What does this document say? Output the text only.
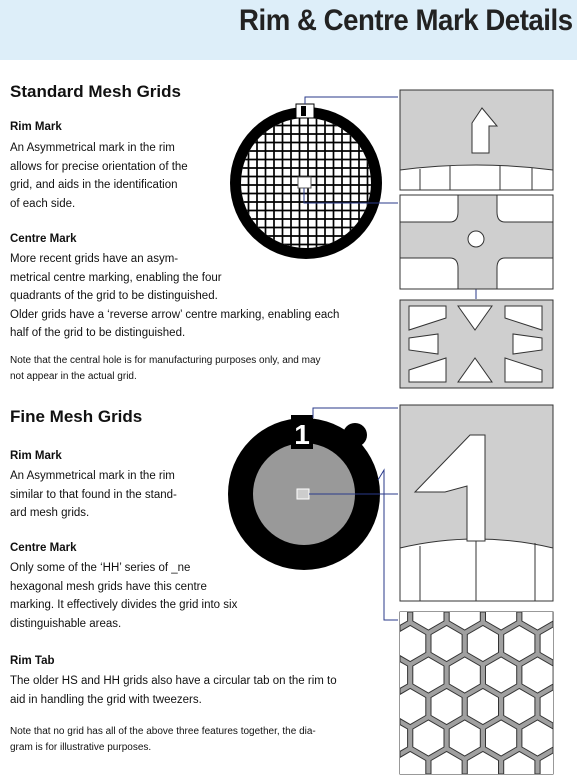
Rim & Centre Mark Details
Standard Mesh Grids

Rim Mark

An Asymmetrical mark in the rim
allows for precise orientation of the
grid, and aids in the identification
of each side.

Centre Mark

More recent grids have an asym-
metrical centre marking, enabling the four
quadrants of the grid to be distinguished.
Older grids have a ‘reverse arrow’ centre marking, enabling each
half of the grid to be distinguished.

Note that the central hole is for manufacturing purposes only, and may
not appear in the actual grid.

Fine Mesh Grids

Rim Mark

An Asymmetrical mark in the rim
similar to that found in the stand-
ard mesh grids.

Centre Mark

Only some of the ‘HH’ series of _ne
hexagonal mesh grids have this centre
marking. It effectively divides the grid into six
distinguishable areas.

Rim Tab

The older HS and HH grids also have a circular tab on the rim to
aid in handling the grid with tweezers.

Note that no grid has all of the above three features together, the dia-
gram is for illustrative purposes.

1
